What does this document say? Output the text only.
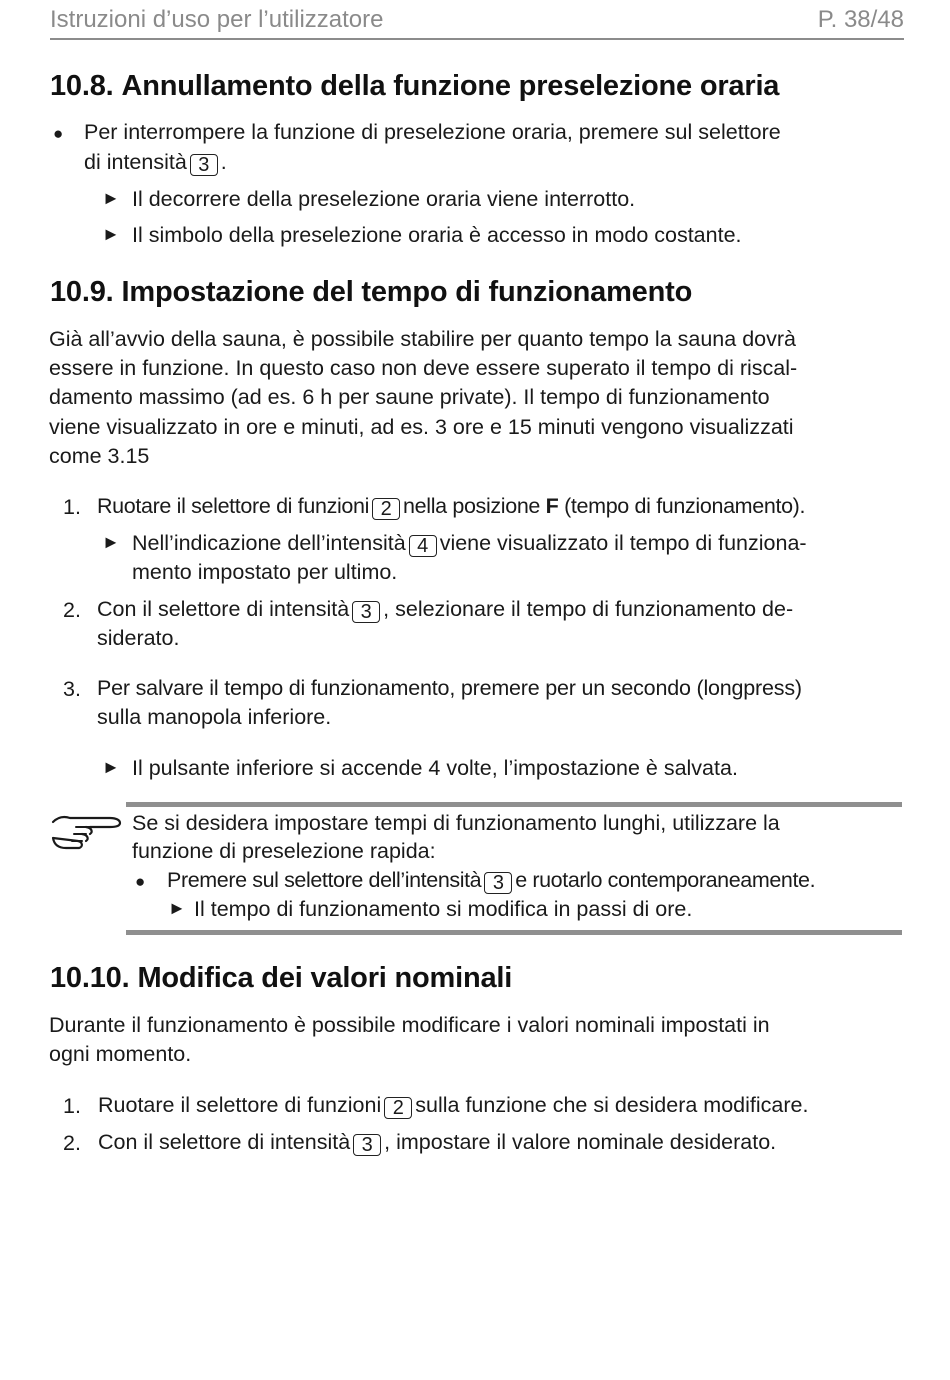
Istruzioni d’uso per l’utilizzatore	P. 38/48
10.8. Annullamento della funzione preselezione oraria
● Per interrompere la funzione di preselezione oraria, premere sul selettore
di intensità 3 .
► Il decorrere della preselezione oraria viene interrotto.
► Il simbolo della preselezione oraria è accesso in modo costante.
10.9. Impostazione del tempo di funzionamento
Già all’avvio della sauna, è possibile stabilire per quanto tempo la sauna dovrà
essere in funzione. In questo caso non deve essere superato il tempo di riscal-
damento massimo (ad es. 6 h per saune private). Il tempo di funzionamento
viene visualizzato in ore e minuti, ad es. 3 ore e 15 minuti vengono visualizzati
come 3.15
1. Ruotare il selettore di funzioni 2 nella posizione F (tempo di funzionamento).
► Nell’indicazione dell’intensità 4 viene visualizzato il tempo di funziona-
mento impostato per ultimo.
2. Con il selettore di intensità 3 , selezionare il tempo di funzionamento de-
siderato.
3. Per salvare il tempo di funzionamento, premere per un secondo (longpress)
sulla manopola inferiore.
► Il pulsante inferiore si accende 4 volte, l’impostazione è salvata.
Se si desidera impostare tempi di funzionamento lunghi, utilizzare la
funzione di preselezione rapida:
● Premere sul selettore dell’intensità 3 e ruotarlo contemporaneamente.
► Il tempo di funzionamento si modifica in passi di ore.
10.10. Modifica dei valori nominali
Durante il funzionamento è possibile modificare i valori nominali impostati in
ogni momento.
1. Ruotare il selettore di funzioni 2 sulla funzione che si desidera modificare.
2. Con il selettore di intensità 3 , impostare il valore nominale desiderato.
